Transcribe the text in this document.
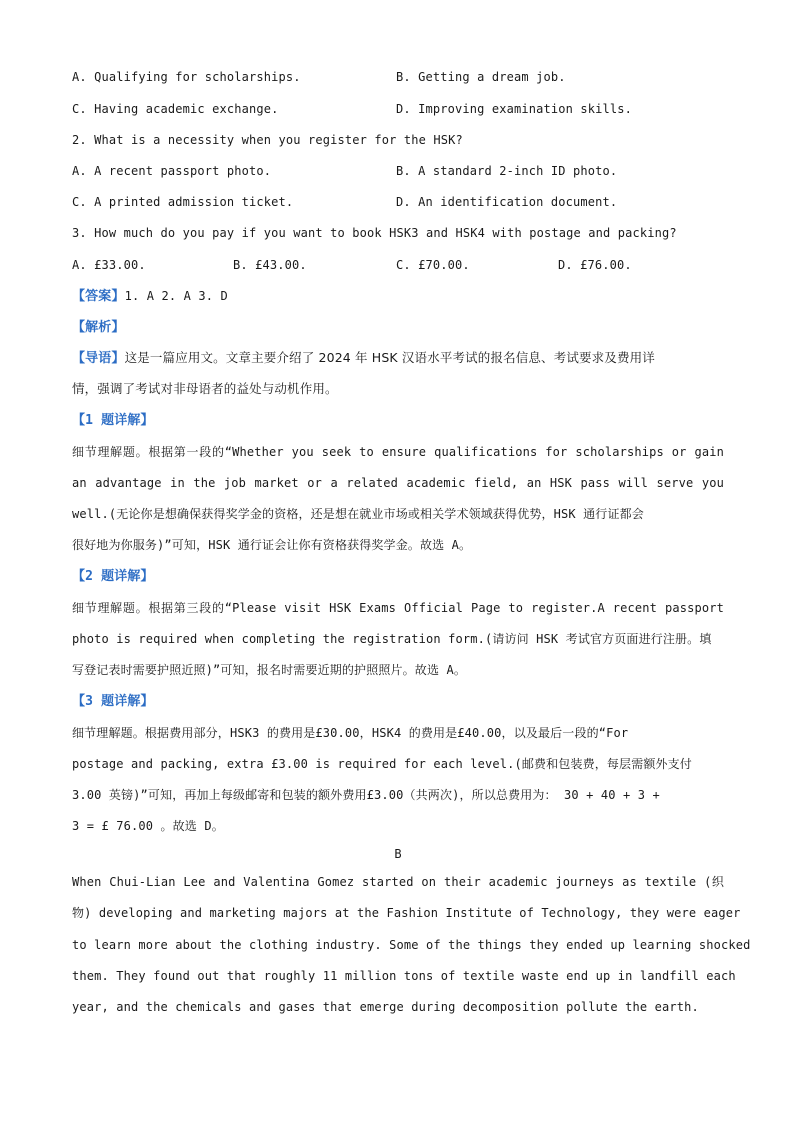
A. Qualifying for scholarships.	B. Getting a dream job.
C. Having academic exchange.	D. Improving examination skills.
2. What is a necessity when you register for the HSK?
A. A recent passport photo.	B. A standard 2-inch ID photo.
C. A printed admission ticket.	D. An identification document.
3. How much do you pay if you want to book HSK3 and HSK4 with postage and packing?
A. £33.00.	B. £43.00.	C. £70.00.	D. £76.00.
【答案】1. A 2. A 3. D
【解析】
【导语】这是一篇应用文。文章主要介绍了 2024 年 HSK 汉语水平考试的报名信息、考试要求及费用详
情，强调了考试对非母语者的益处与动机作用。
【1 题详解】
细节理解题。根据第一段的“Whether you seek to ensure qualifications for scholarships or gain
an advantage in the job market or a related academic field, an HSK pass will serve you
well.(无论你是想确保获得奖学金的资格，还是想在就业市场或相关学术领域获得优势，HSK 通行证都会
很好地为你服务)”可知，HSK 通行证会让你有资格获得奖学金。故选 A。
【2 题详解】
细节理解题。根据第三段的“Please visit HSK Exams Official Page to register.A recent passport
photo is required when completing the registration form.(请访问 HSK 考试官方页面进行注册。填
写登记表时需要护照近照)”可知，报名时需要近期的护照照片。故选 A。
【3 题详解】
细节理解题。根据费用部分，HSK3 的费用是£30.00，HSK4 的费用是£40.00，以及最后一段的“For
postage and packing, extra £3.00 is required for each level.(邮费和包装费，每层需额外支付
3.00 英镑)”可知，再加上每级邮寄和包装的额外费用£3.00（共两次)，所以总费用为： 30 + 40 + 3 +
3 = £ 76.00 。故选 D。
B
When Chui-Lian Lee and Valentina Gomez started on their academic journeys as textile (织
物) developing and marketing majors at the Fashion Institute of Technology, they were eager
to learn more about the clothing industry. Some of the things they ended up learning shocked
them. They found out that roughly 11 million tons of textile waste end up in landfill each
year, and the chemicals and gases that emerge during decomposition pollute the earth.
